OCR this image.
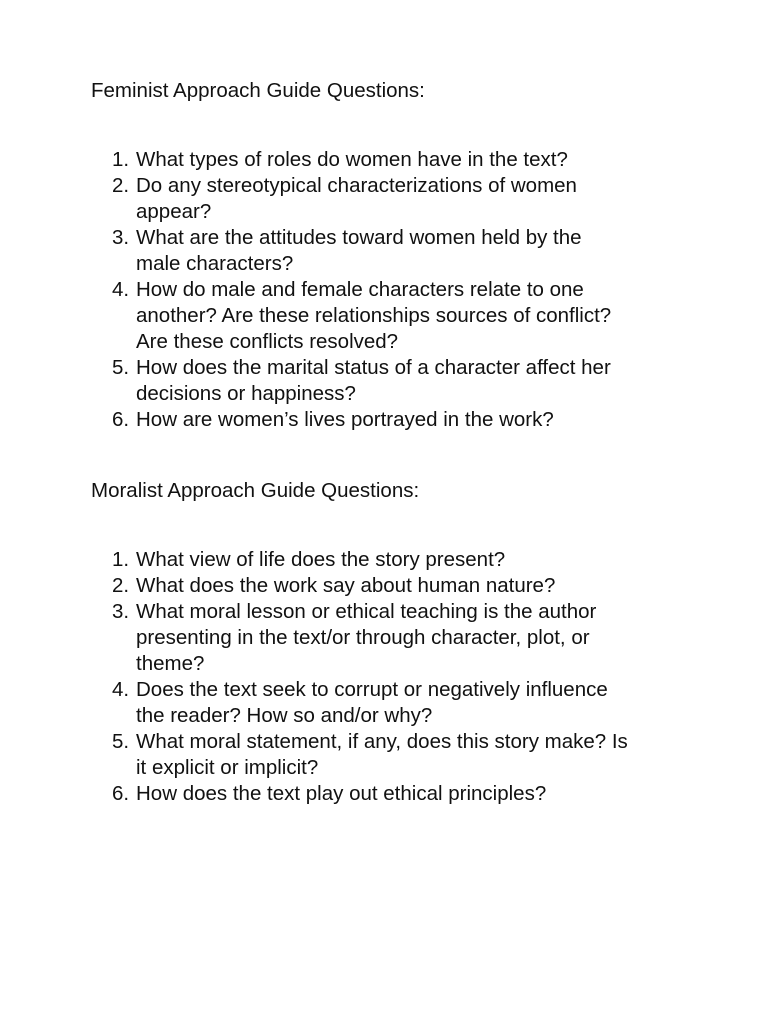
Feminist Approach Guide Questions:
1. What types of roles do women have in the text?
2. Do any stereotypical characterizations of women
appear?
3. What are the attitudes toward women held by the
male characters?
4. How do male and female characters relate to one
another? Are these relationships sources of conflict?
Are these conflicts resolved?
5. How does the marital status of a character affect her
decisions or happiness?
6. How are women’s lives portrayed in the work?
Moralist Approach Guide Questions:
1. What view of life does the story present?
2. What does the work say about human nature?
3. What moral lesson or ethical teaching is the author
presenting in the text/or through character, plot, or
theme?
4. Does the text seek to corrupt or negatively influence
the reader? How so and/or why?
5. What moral statement, if any, does this story make? Is
it explicit or implicit?
6. How does the text play out ethical principles?
